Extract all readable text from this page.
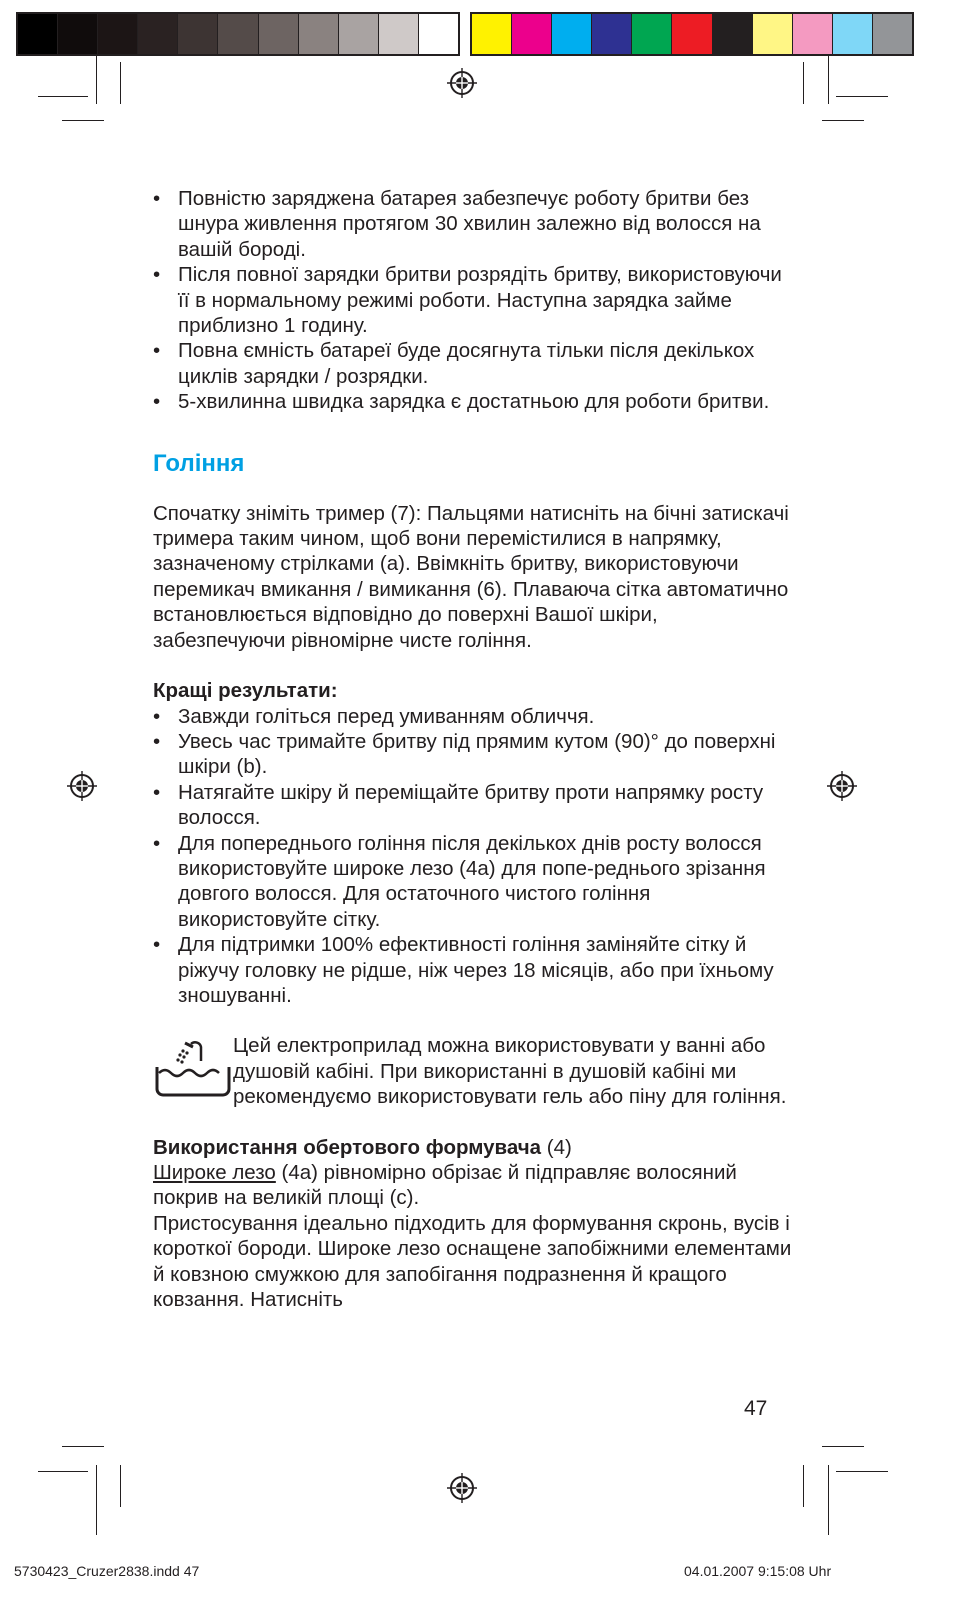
• Повністю заряджена батарея забезпечує роботу бритви без шнура живлення протягом 30 хвилин залежно від волосся на вашій бороді.
• Після повної зарядки бритви розрядіть бритву, використовуючи її в нормальному режимі роботи. Наступна зарядка займе приблизно 1 годину.
• Повна ємність батареї буде досягнута тільки після декількох циклів зарядки / розрядки.
• 5-хвилинна швидка зарядка є достатньою для роботи бритви.
Гоління

Спочатку зніміть тример (7): Пальцями натисніть на бічні затискачі тримера таким чином, щоб вони перемістилися в напрямку, зазначеному стрілками (а). Ввімкніть бритву, використовуючи перемикач вмикання / вимикання (6). Плаваюча сітка автоматично встановлюється відповідно до поверхні Вашої шкіри, забезпечуючи рівномірне чисте гоління.

Кращі результати:

• Завжди голіться перед умиванням обличчя.
• Увесь час тримайте бритву під прямим кутом (90)° до поверхні шкіри (b).
• Натягайте шкіру й переміщайте бритву проти напрямку росту волосся.
• Для попереднього гоління після декількох днів росту волосся використовуйте широке лезо (4a) для попе-реднього зрізання довгого волосся. Для остаточного чистого гоління використовуйте сітку.
• Для підтримки 100% ефективності гоління заміняйте сітку й ріжучу головку не рідше, ніж через 18 місяців, або при їхньому зношуванні.

Цей електроприлад можна використовувати у ванні або душовій кабіні. При використанні в душовій кабіні ми рекомендуємо використовувати гель або піну для гоління.

Використання обертового формувача (4)

Широке лезо (4a) рівномірно обрізає й підправляє волосяний покрив на великій площі (c).

Пристосування ідеально підходить для формування скронь, вусів і короткої бороди. Широке лезо оснащене запобіжними елементами й ковзною смужкою для запобігання подразнення й кращого ковзання. Натисніть

47
5730423_Cruzer2838.indd 47	04.01.2007 9:15:08 Uhr
